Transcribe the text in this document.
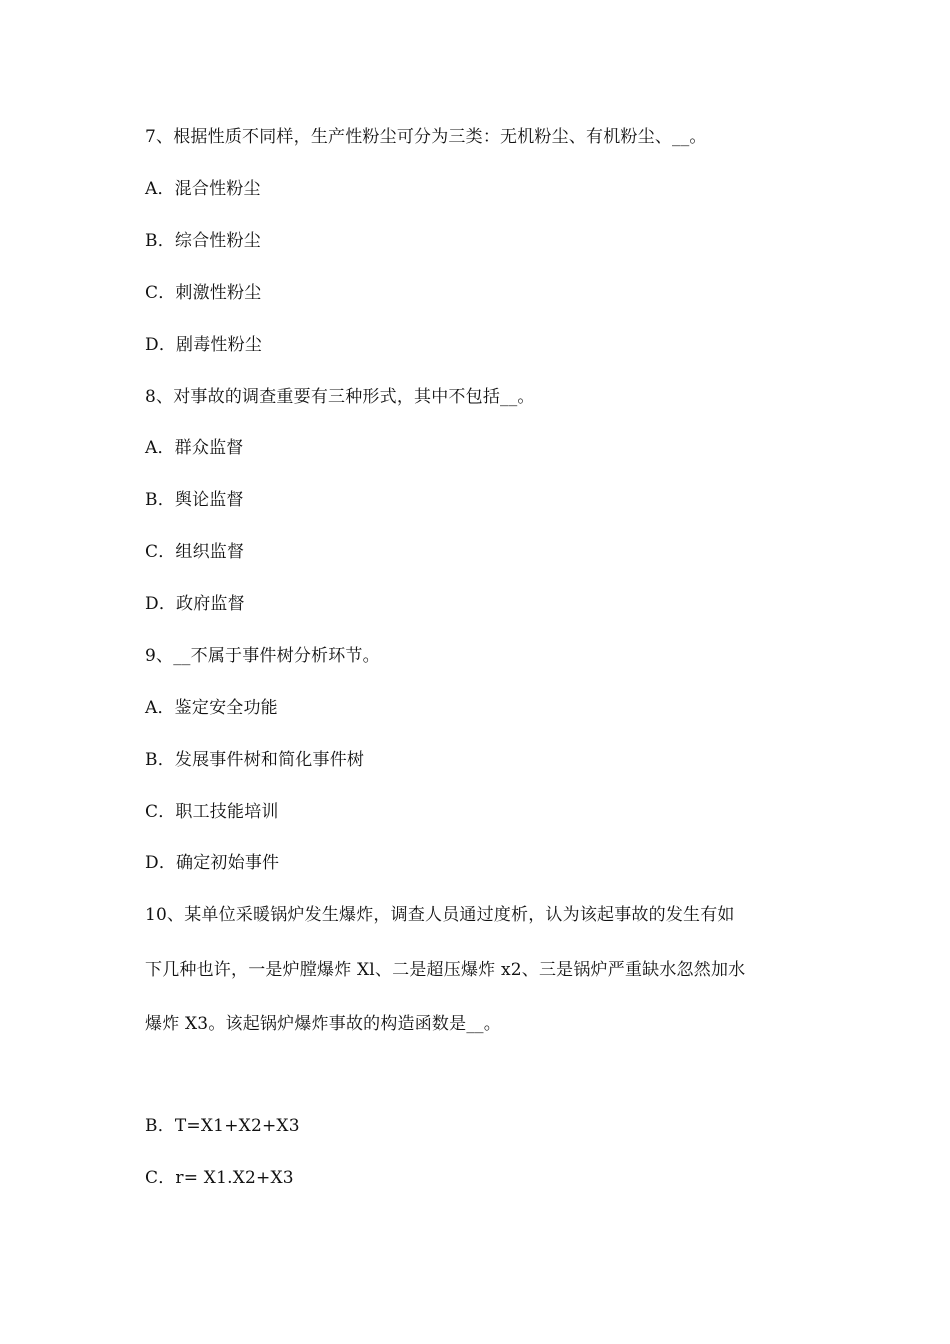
7、根据性质不同样，生产性粉尘可分为三类：无机粉尘、有机粉尘、__。
A．混合性粉尘
B．综合性粉尘
C．刺激性粉尘
D．剧毒性粉尘
8、对事故的调查重要有三种形式，其中不包括__。
A．群众监督
B．舆论监督
C．组织监督
D．政府监督
9、__不属于事件树分析环节。
A．鉴定安全功能
B．发展事件树和简化事件树
C．职工技能培训
D．确定初始事件
10、某单位采暖锅炉发生爆炸，调查人员通过度析，认为该起事故的发生有如
下几种也许，一是炉膛爆炸 Xl、二是超压爆炸 x2、三是锅炉严重缺水忽然加水
爆炸 X3。该起锅炉爆炸事故的构造函数是__。
B．T=X1+X2+X3
C．r= X1.X2+X3
